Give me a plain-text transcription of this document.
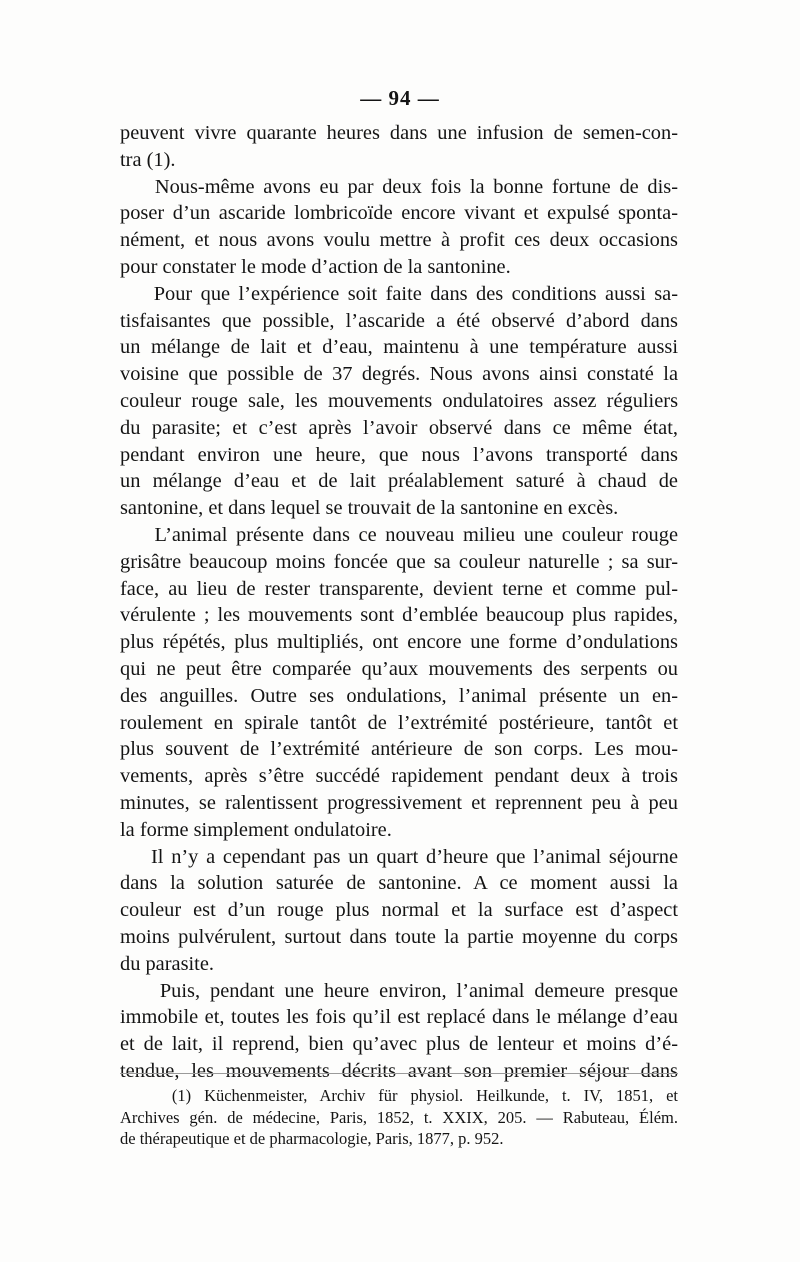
— 94 —
peuvent vivre quarante heures dans une infusion de semen-con-
tra (1).
Nous-même avons eu par deux fois la bonne fortune de dis-
poser d’un ascaride lombricoïde encore vivant et expulsé sponta-
nément, et nous avons voulu mettre à profit ces deux occasions
pour constater le mode d’action de la santonine.
Pour que l’expérience soit faite dans des conditions aussi sa-
tisfaisantes que possible, l’ascaride a été observé d’abord dans
un mélange de lait et d’eau, maintenu à une température aussi
voisine que possible de 37 degrés. Nous avons ainsi constaté la
couleur rouge sale, les mouvements ondulatoires assez réguliers
du parasite; et c’est après l’avoir observé dans ce même état,
pendant environ une heure, que nous l’avons transporté dans
un mélange d’eau et de lait préalablement saturé à chaud de
santonine, et dans lequel se trouvait de la santonine en excès.
L’animal présente dans ce nouveau milieu une couleur rouge
grisâtre beaucoup moins foncée que sa couleur naturelle ; sa sur-
face, au lieu de rester transparente, devient terne et comme pul-
vérulente ; les mouvements sont d’emblée beaucoup plus rapides,
plus répétés, plus multipliés, ont encore une forme d’ondulations
qui ne peut être comparée qu’aux mouvements des serpents ou
des anguilles. Outre ses ondulations, l’animal présente un en-
roulement en spirale tantôt de l’extrémité postérieure, tantôt et
plus souvent de l’extrémité antérieure de son corps. Les mou-
vements, après s’être succédé rapidement pendant deux à trois
minutes, se ralentissent progressivement et reprennent peu à peu
la forme simplement ondulatoire.
Il n’y a cependant pas un quart d’heure que l’animal séjourne
dans la solution saturée de santonine. A ce moment aussi la
couleur est d’un rouge plus normal et la surface est d’aspect
moins pulvérulent, surtout dans toute la partie moyenne du corps
du parasite.
Puis, pendant une heure environ, l’animal demeure presque
immobile et, toutes les fois qu’il est replacé dans le mélange d’eau
et de lait, il reprend, bien qu’avec plus de lenteur et moins d’é-
tendue, les mouvements décrits avant son premier séjour dans
(1) Küchenmeister, Archiv für physiol. Heilkunde, t. IV, 1851, et
Archives gén. de médecine, Paris, 1852, t. XXIX, 205. — Rabuteau, Élém.
de thérapeutique et de pharmacologie, Paris, 1877, p. 952.
